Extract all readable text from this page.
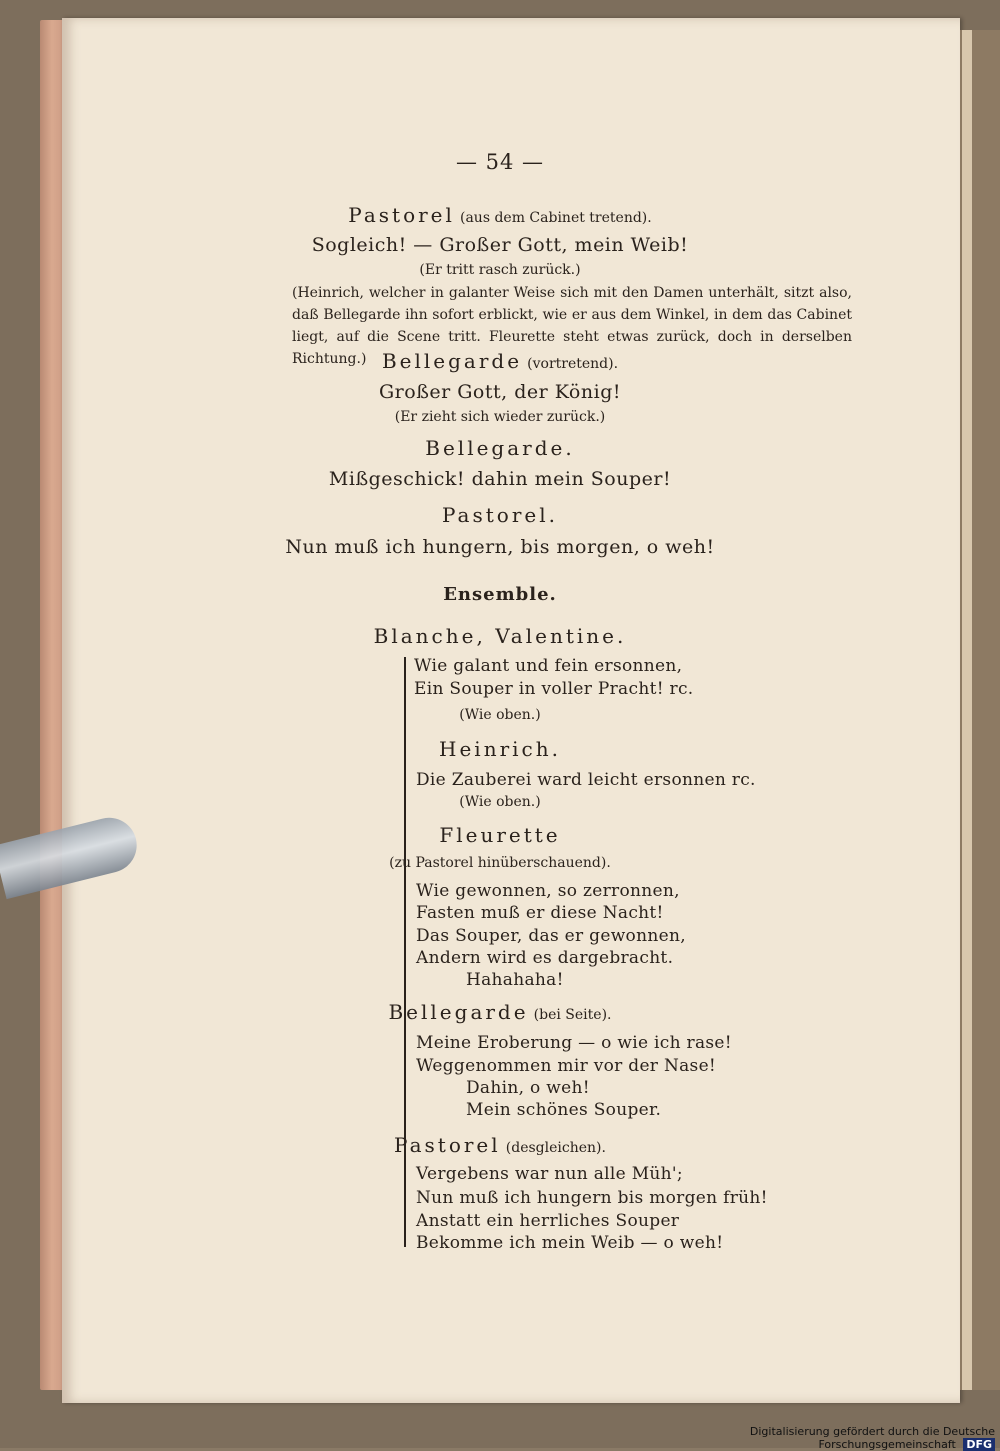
— 54 —
Pastorel (aus dem Cabinet tretend).
Sogleich! — Großer Gott, mein Weib!
(Er tritt rasch zurück.)
(Heinrich, welcher in galanter Weise sich mit den Damen unterhält, sitzt also, daß Bellegarde ihn sofort erblickt, wie er aus dem Winkel, in dem das Cabinet liegt, auf die Scene tritt. Fleurette steht etwas zurück, doch in derselben Richtung.) Bellegarde (vortretend).
Großer Gott, der König!
(Er zieht sich wieder zurück.)
Bellegarde.
Mißgeschick! dahin mein Souper!
Pastorel.
Nun muß ich hungern, bis morgen, o weh!
Ensemble.
Blanche, Valentine.
Wie galant und fein ersonnen,
Ein Souper in voller Pracht! rc.
(Wie oben.)
Heinrich.
Die Zauberei ward leicht ersonnen rc.
(Wie oben.)
Fleurette
(zu Pastorel hinüberschauend).
Wie gewonnen, so zerronnen,
Fasten muß er diese Nacht!
Das Souper, das er gewonnen,
Andern wird es dargebracht.
Hahahaha!
Bellegarde (bei Seite).
Meine Eroberung — o wie ich rase!
Weggenommen mir vor der Nase!
Dahin, o weh!
Mein schönes Souper.
Pastorel (desgleichen).
Vergebens war nun alle Müh';
Nun muß ich hungern bis morgen früh!
Anstatt ein herrliches Souper
Bekomme ich mein Weib — o weh!
Digitalisierung gefördert durch die Deutsche Forschungsgemeinschaft DFG
